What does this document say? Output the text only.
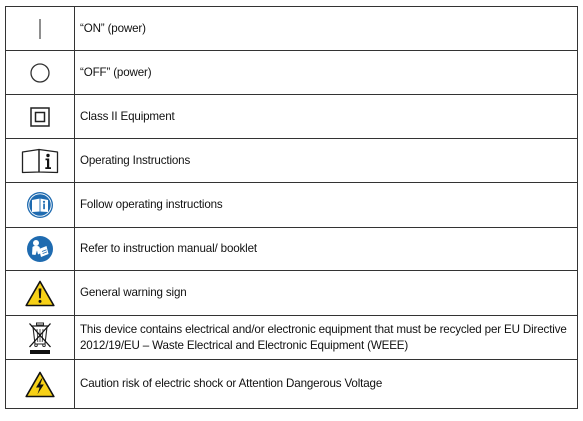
	“ON” (power)

	“OFF” (power)

	Class II Equipment

	Operating Instructions

	Follow operating instructions

	Refer to instruction manual/ booklet

	General warning sign

	This device contains electrical and/or electronic equipment that must be recycled per EU Directive 2012/19/EU – Waste Electrical and Electronic Equipment (WEEE)

	Caution risk of electric shock or Attention Dangerous Voltage
